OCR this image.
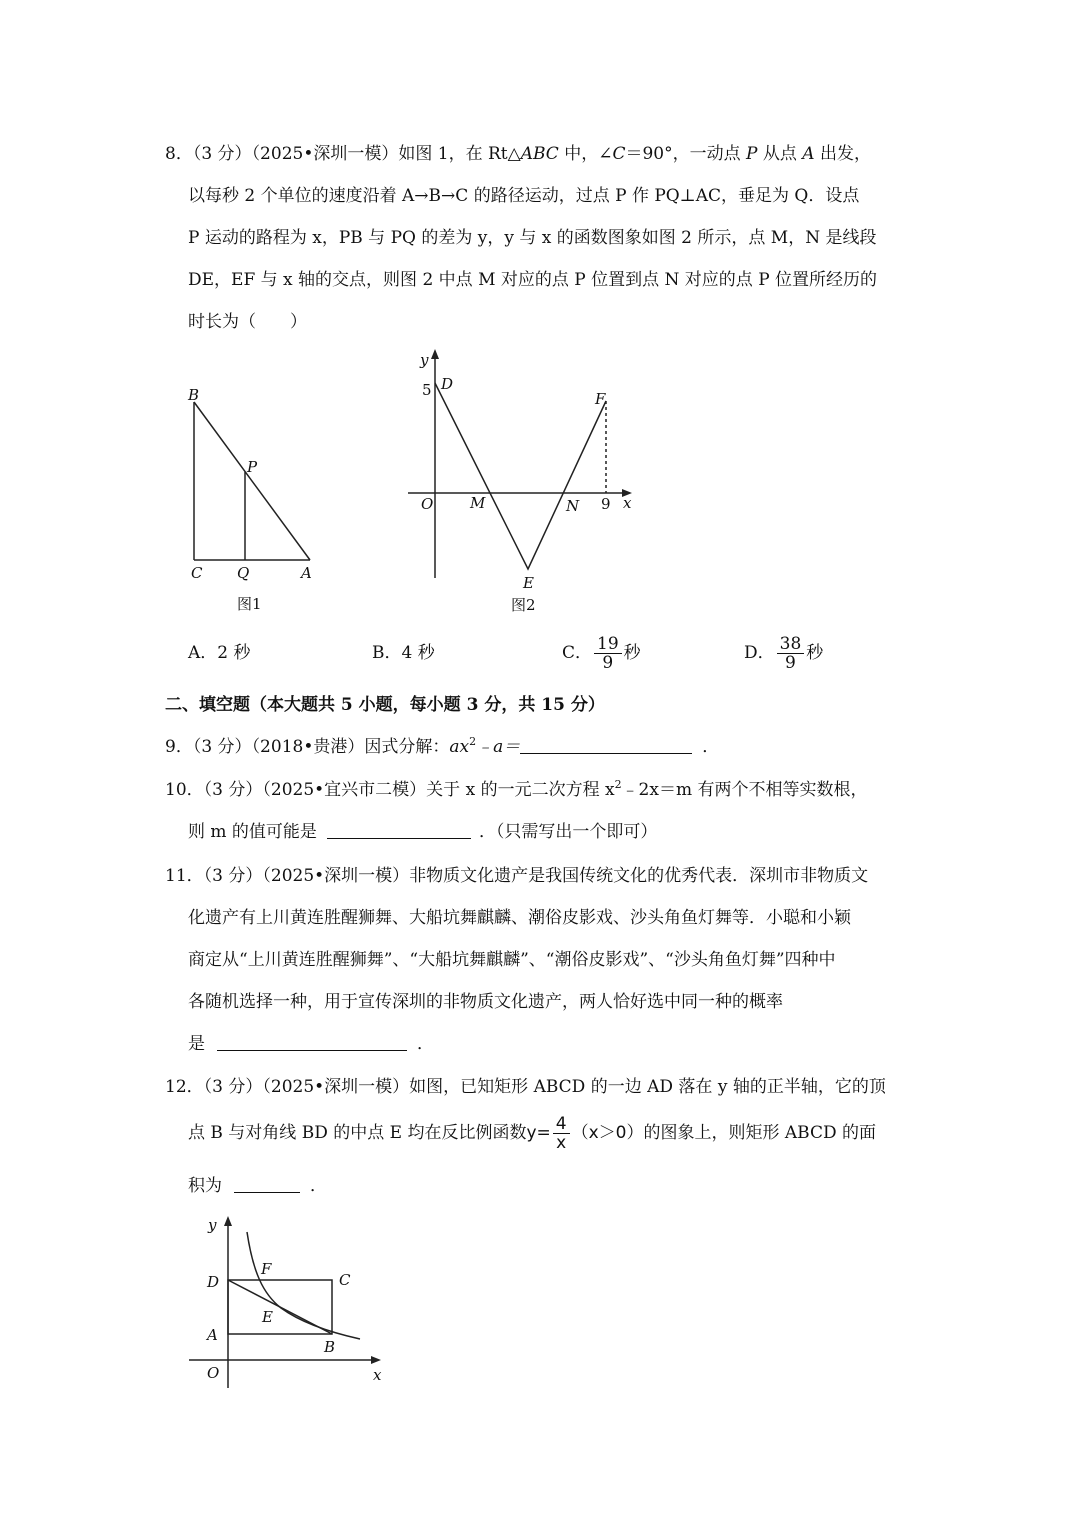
8．（3 分）（2025•深圳一模）如图 1，在 Rt△ABC 中，∠C＝90°，一动点 P 从点 A 出发，
以每秒 2 个单位的速度沿着 A→B→C 的路径运动，过点 P 作 PQ⊥AC，垂足为 Q．设点
P 运动的路程为 x，PB 与 PQ 的差为 y，y 与 x 的函数图象如图 2 所示，点 M，N 是线段
DE，EF 与 x 轴的交点，则图 2 中点 M 对应的点 P 位置到点 N 对应的点 P 位置所经历的
时长为（　　）
B
P
C Q	A
图1
y
5 D
F
O M	N 9 x
E
图2
A．2 秒	B．4 秒	C． $\frac{19}{9}$ 秒	D． $\frac{38}{9}$ 秒
二、填空题（本大题共 5 小题，每小题 3 分，共 15 分）
9．（3 分）（2018•贵港）因式分解：$ax^2﹣a=$	．
10．（3 分）（2025•宜兴市二模）关于 x 的一元二次方程 $x^2﹣2x=m$ 有两个不相等实数根，
则 m 的值可能是	．（只需写出一个即可）
11．（3 分）（2025•深圳一模）非物质文化遗产是我国传统文化的优秀代表．深圳市非物质文
化遗产有上川黄连胜醒狮舞、大船坑舞麒麟、潮俗皮影戏、沙头角鱼灯舞等．小聪和小颖
商定从“上川黄连胜醒狮舞”、“大船坑舞麒麟”、“潮俗皮影戏”、“沙头角鱼灯舞”四种中
各随机选择一种，用于宣传深圳的非物质文化遗产，两人恰好选中同一种的概率
是	．
12．（3 分）（2025•深圳一模）如图，已知矩形 ABCD 的一边 AD 落在 y 轴的正半轴，它的顶
点 B 与对角线 BD 的中点 E 均在反比例函数$y= \frac{4}{x} (x>0)$的图象上，则矩形 ABCD 的面
积为	．
y
D
F
C
E
A
B
O	x
